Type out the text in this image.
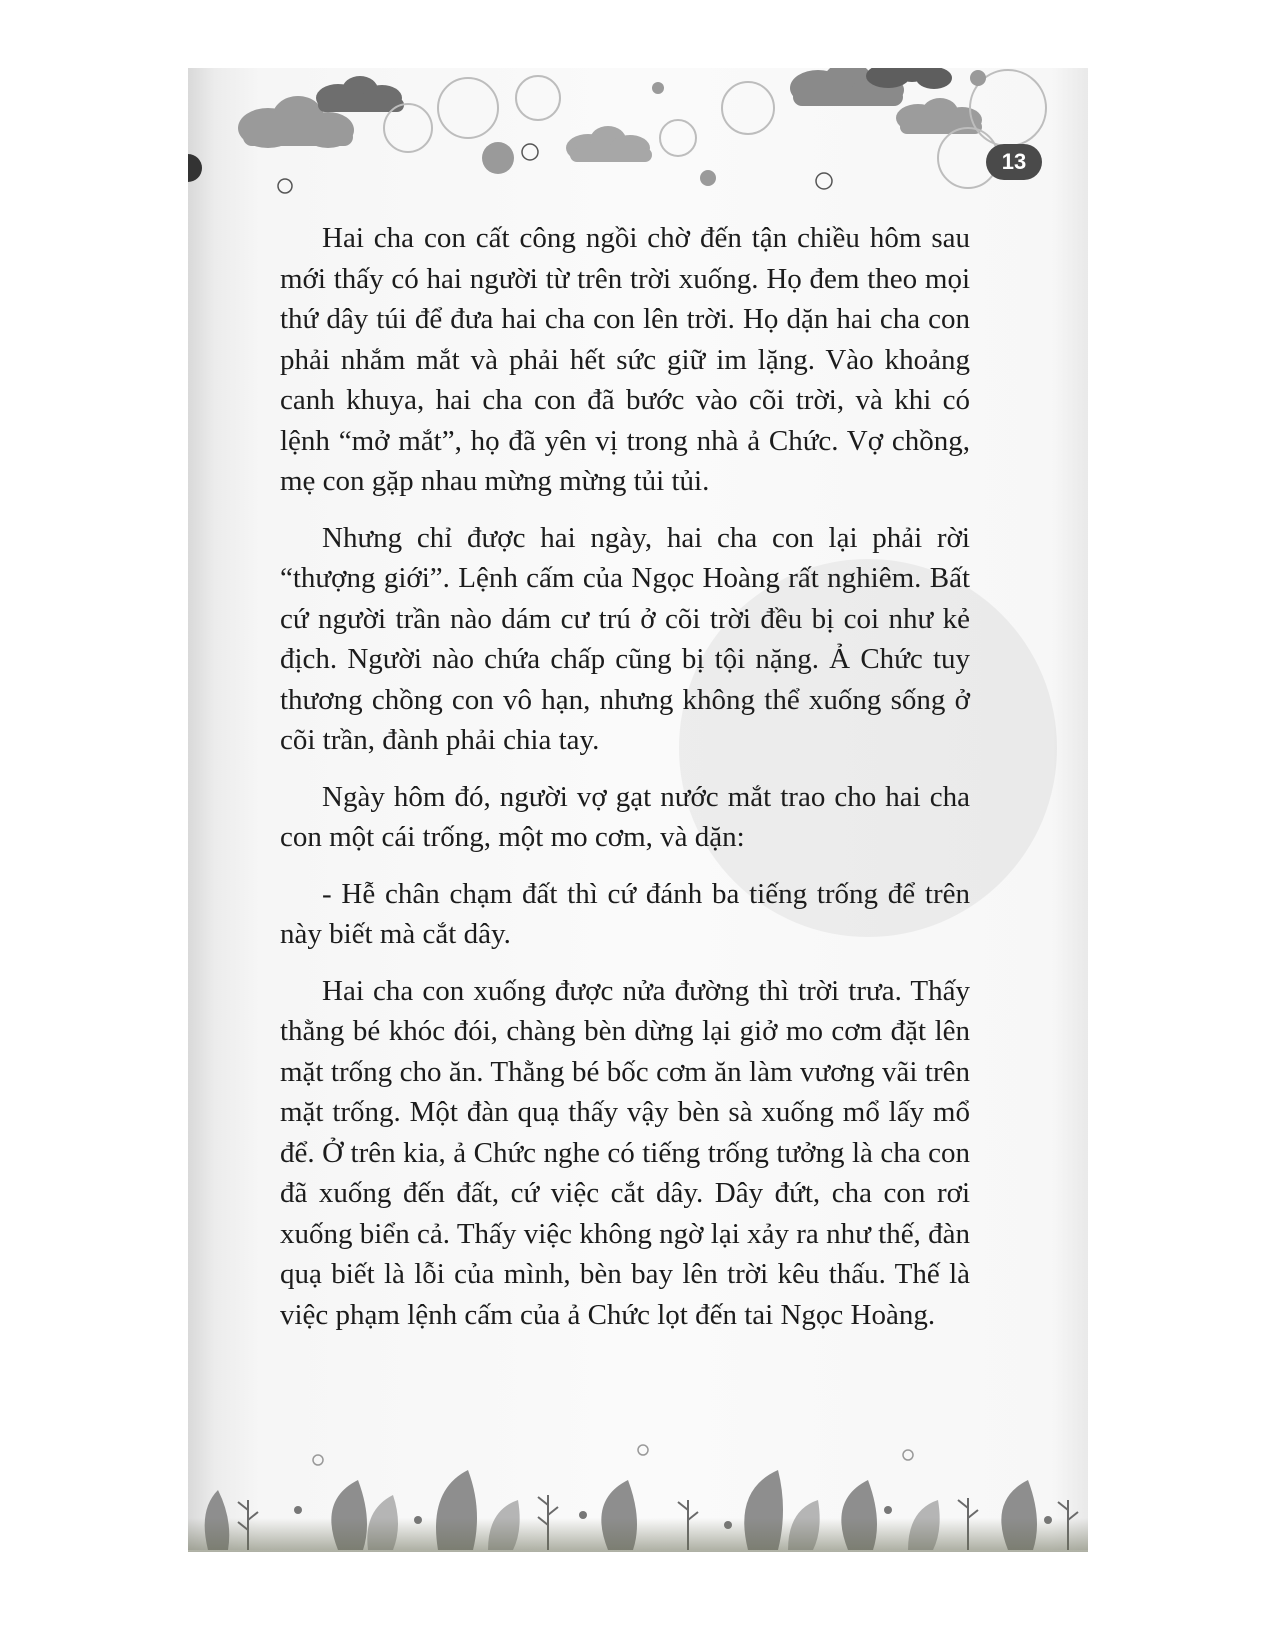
13

Hai cha con cất công ngồi chờ đến tận chiều hôm sau mới thấy có hai người từ trên trời xuống. Họ đem theo mọi thứ dây túi để đưa hai cha con lên trời. Họ dặn hai cha con phải nhắm mắt và phải hết sức giữ im lặng. Vào khoảng canh khuya, hai cha con đã bước vào cõi trời, và khi có lệnh “mở mắt”, họ đã yên vị trong nhà ả Chức. Vợ chồng, mẹ con gặp nhau mừng mừng tủi tủi.

Nhưng chỉ được hai ngày, hai cha con lại phải rời “thượng giới”. Lệnh cấm của Ngọc Hoàng rất nghiêm. Bất cứ người trần nào dám cư trú ở cõi trời đều bị coi như kẻ địch. Người nào chứa chấp cũng bị tội nặng. Ả Chức tuy thương chồng con vô hạn, nhưng không thể xuống sống ở cõi trần, đành phải chia tay.

Ngày hôm đó, người vợ gạt nước mắt trao cho hai cha con một cái trống, một mo cơm, và dặn:

- Hễ chân chạm đất thì cứ đánh ba tiếng trống để trên này biết mà cắt dây.

Hai cha con xuống được nửa đường thì trời trưa. Thấy thằng bé khóc đói, chàng bèn dừng lại giở mo cơm đặt lên mặt trống cho ăn. Thằng bé bốc cơm ăn làm vương vãi trên mặt trống. Một đàn quạ thấy vậy bèn sà xuống mổ lấy mổ để. Ở trên kia, ả Chức nghe có tiếng trống tưởng là cha con đã xuống đến đất, cứ việc cắt dây. Dây đứt, cha con rơi xuống biển cả. Thấy việc không ngờ lại xảy ra như thế, đàn quạ biết là lỗi của mình, bèn bay lên trời kêu thấu. Thế là việc phạm lệnh cấm của ả Chức lọt đến tai Ngọc Hoàng.
